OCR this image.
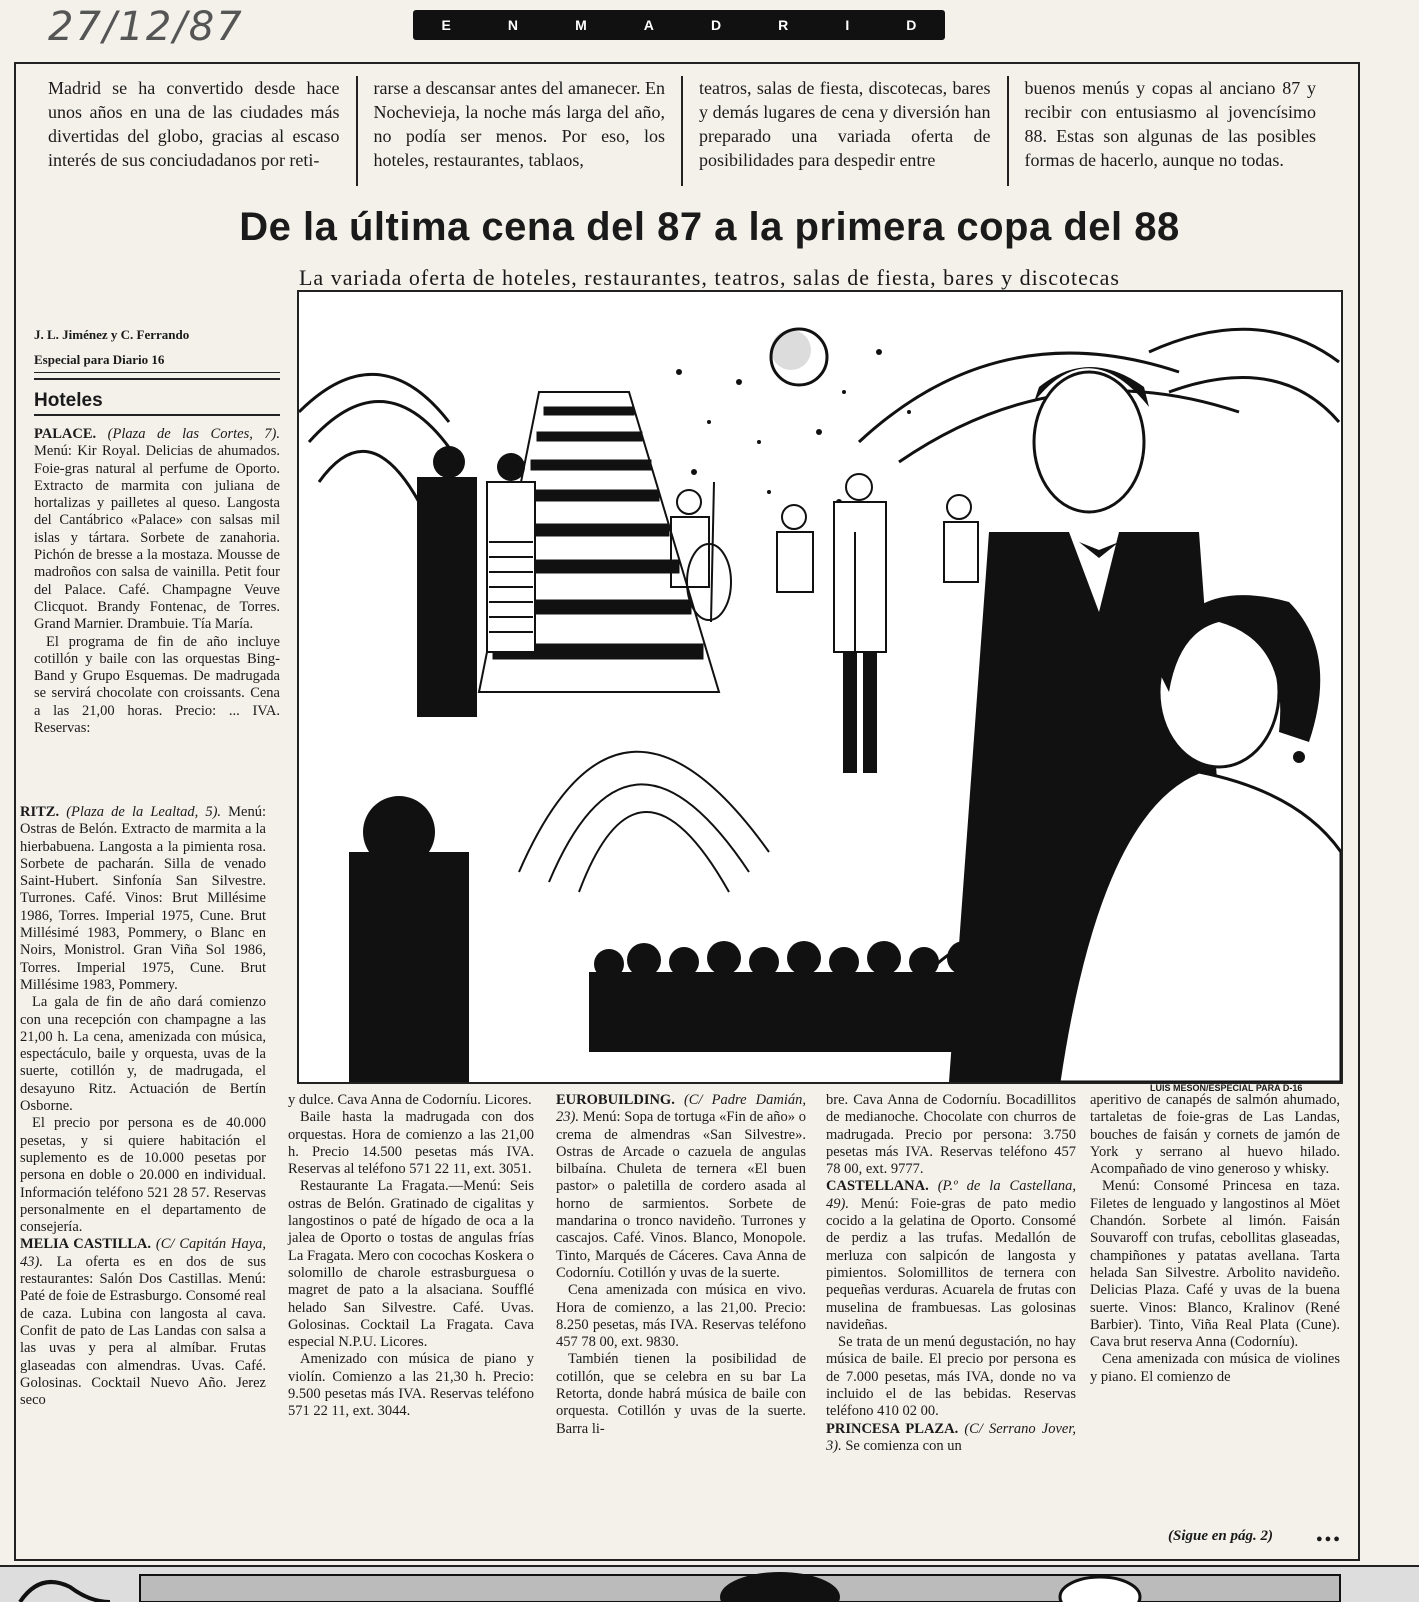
27/12/87	E	N	M	A	D	R	I	D
Madrid se ha convertido desde hace unos años en una de las ciudades más divertidas del globo, gracias al escaso interés de sus conciudadanos por reti-
rarse a descansar antes del amanecer. En Nochevieja, la noche más larga del año, no podía ser menos. Por eso, los hoteles, restaurantes, tablaos,
teatros, salas de fiesta, discotecas, bares y demás lugares de cena y diversión han preparado una variada oferta de posibilidades para despedir entre
buenos menús y copas al anciano 87 y recibir con entusiasmo al jovencísimo 88. Estas son algunas de las posibles formas de hacerlo, aunque no todas.
De la última cena del 87 a la primera copa del 88
La variada oferta de hoteles, restaurantes, teatros, salas de fiesta, bares y discotecas
J. L. Jiménez y C. Ferrando
Especial para Diario 16
Hoteles

PALACE. (Plaza de las Cortes, 7). Menú: Kir Royal. Delicias de ahumados. Foie-gras natural al perfume de Oporto. Extracto de marmita con juliana de hortalizas y pailletes al queso. Langosta del Cantábrico «Palace» con salsas mil islas y tártara. Sorbete de zanahoria. Pichón de bresse a la mostaza. Mousse de madroños con salsa de vainilla. Petit four del Palace. Café. Champagne Veuve Clicquot. Brandy Fontenac, de Torres. Grand Marnier. Drambuie. Tía María.

El programa de fin de año incluye cotillón y baile con las orquestas Bing-Band y Grupo Esquemas. De madrugada se servirá chocolate con croissants. Cena a las 21,00 horas. Precio: ... IVA. Reservas:

RITZ. (Plaza de la Lealtad, 5). Menú: Ostras de Belón. Extracto de marmita a la hierbabuena. Langosta a la pimienta rosa. Sorbete de pacharán. Silla de venado Saint-Hubert. Sinfonía San Silvestre. Turrones. Café. Vinos: Brut Millésime 1986, Torres. Imperial 1975, Cune. Brut Millésimé 1983, Pommery, o Blanc en Noirs, Monistrol. Gran Viña Sol 1986, Torres. Imperial 1975, Cune. Brut Millésime 1983, Pommery.

La gala de fin de año dará comienzo con una recepción con champagne a las 21,00 h. La cena, amenizada con música, espectáculo, baile y orquesta, uvas de la suerte, cotillón y, de madrugada, el desayuno Ritz. Actuación de Bertín Osborne.

El precio por persona es de 40.000 pesetas, y si quiere habitación el suplemento es de 10.000 pesetas por persona en doble o 20.000 en individual. Información teléfono 521 28 57. Reservas personalmente en el departamento de consejería.

MELIA CASTILLA. (C/ Capitán Haya, 43). La oferta es en dos de sus restaurantes: Salón Dos Castillas. Menú: Paté de foie de Estrasburgo. Consomé real de caza. Lubina con langosta al cava. Confit de pato de Las Landas con salsa a las uvas y pera al almíbar. Frutas glaseadas con almendras. Uvas. Café. Golosinas. Cocktail Nuevo Año. Jerez seco

LUIS MESON/ESPECIAL PARA D-16

y dulce. Cava Anna de Codorníu. Licores.

Baile hasta la madrugada con dos orquestas. Hora de comienzo a las 21,00 h. Precio 14.500 pesetas más IVA. Reservas al teléfono 571 22 11, ext. 3051.

Restaurante La Fragata.—Menú: Seis ostras de Belón. Gratinado de cigalitas y langostinos o paté de hígado de oca a la jalea de Oporto o tostas de angulas frías La Fragata. Mero con cocochas Koskera o solomillo de charole estrasburguesa o magret de pato a la alsaciana. Soufflé helado San Silvestre. Café. Uvas. Golosinas. Cocktail La Fragata. Cava especial N.P.U. Licores.

Amenizado con música de piano y violín. Comienzo a las 21,30 h. Precio: 9.500 pesetas más IVA. Reservas teléfono 571 22 11, ext. 3044.

EUROBUILDING. (C/ Padre Damián, 23). Menú: Sopa de tortuga «Fin de año» o crema de almendras «San Silvestre». Ostras de Arcade o cazuela de angulas bilbaína. Chuleta de ternera «El buen pastor» o paletilla de cordero asada al horno de sarmientos. Sorbete de mandarina o tronco navideño. Turrones y cascajos. Café. Vinos. Blanco, Monopole. Tinto, Marqués de Cáceres. Cava Anna de Codorníu. Cotillón y uvas de la suerte.

Cena amenizada con música en vivo. Hora de comienzo, a las 21,00. Precio: 8.250 pesetas, más IVA. Reservas teléfono 457 78 00, ext. 9830.

También tienen la posibilidad de cotillón, que se celebra en su bar La Retorta, donde habrá música de baile con orquesta. Cotillón y uvas de la suerte. Barra li-

bre. Cava Anna de Codorníu. Bocadillitos de medianoche. Chocolate con churros de madrugada. Precio por persona: 3.750 pesetas más IVA. Reservas teléfono 457 78 00, ext. 9777.

CASTELLANA. (P.º de la Castellana, 49). Menú: Foie-gras de pato medio cocido a la gelatina de Oporto. Consomé de perdiz a las trufas. Medallón de merluza con salpicón de langosta y pimientos. Solomillitos de ternera con pequeñas verduras. Acuarela de frutas con muselina de frambuesas. Las golosinas navideñas.

Se trata de un menú degustación, no hay música de baile. El precio por persona es de 7.000 pesetas, más IVA, donde no va incluido el de las bebidas. Reservas teléfono 410 02 00.

PRINCESA PLAZA. (C/ Serrano Jover, 3). Se comienza con un

aperitivo de canapés de salmón ahumado, tartaletas de foie-gras de Las Landas, bouches de faisán y cornets de jamón de York y serrano al huevo hilado. Acompañado de vino generoso y whisky.

Menú: Consomé Princesa en taza. Filetes de lenguado y langostinos al Möet Chandón. Sorbete al limón. Faisán Souvaroff con trufas, cebollitas glaseadas, champiñones y patatas avellana. Tarta helada San Silvestre. Arbolito navideño. Delicias Plaza. Café y uvas de la buena suerte. Vinos: Blanco, Kralinov (René Barbier). Tinto, Viña Real Plata (Cune). Cava brut reserva Anna (Codorníu).

Cena amenizada con música de violines y piano. El comienzo de

(Sigue en pág. 2)	●●●
